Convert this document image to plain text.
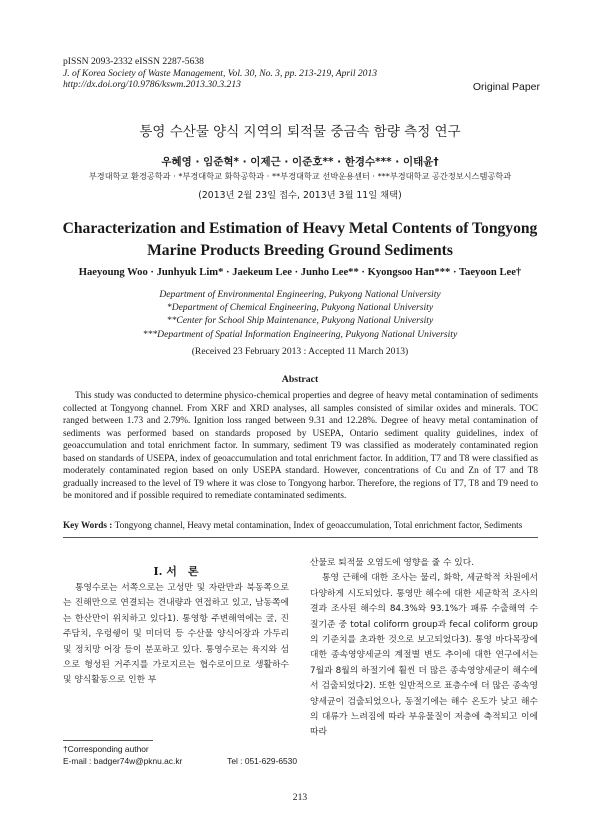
pISSN 2093-2332 eISSN 2287-5638
J. of Korea Society of Waste Management, Vol. 30, No. 3, pp. 213-219, April 2013
http://dx.doi.org/10.9786/kswm.2013.30.3.213	Original Paper
통영 수산물 양식 지역의 퇴적물 중금속 함량 측정 연구
우혜영 · 임준혁* · 이제근 · 이준호** · 한경수*** · 이태윤†
부경대학교 환경공학과 · *부경대학교 화학공학과 · **부경대학교 선박운용센터 · ***부경대학교 공간정보시스템공학과
(2013년 2월 23일 접수, 2013년 3월 11일 채택)
Characterization and Estimation of Heavy Metal Contents of Tongyong Marine Products Breeding Ground Sediments
Haeyoung Woo · Junhyuk Lim* · Jaekeum Lee · Junho Lee** · Kyongsoo Han*** · Taeyoon Lee†
Department of Environmental Engineering, Pukyong National University
*Department of Chemical Engineering, Pukyong National University
**Center for School Ship Maintenance, Pukyong National University
***Department of Spatial Information Engineering, Pukyong National University
(Received 23 February 2013 : Accepted 11 March 2013)
Abstract
This study was conducted to determine physico-chemical properties and degree of heavy metal contamination of sediments collected at Tongyong channel. From XRF and XRD analyses, all samples consisted of similar oxides and minerals. TOC ranged between 1.73 and 2.79%. Ignition loss ranged between 9.31 and 12.28%. Degree of heavy metal contamination of sediments was performed based on standards proposed by USEPA, Ontario sediment quality guidelines, index of geoaccumulation and total enrichment factor. In summary, sediment T9 was classified as moderately contaminated region based on standards of USEPA, index of geoaccumulation and total enrichment factor. In addition, T7 and T8 were classified as moderately contaminated region based on only USEPA standard. However, concentrations of Cu and Zn of T7 and T8 gradually increased to the level of T9 where it was close to Tongyong harbor. Therefore, the regions of T7, T8 and T9 need to be monitored and if possible required to remediate contaminated sediments.
Key Words : Tongyong channel, Heavy metal contamination, Index of geoaccumulation, Total enrichment factor, Sediments
I. 서　론
통영수로는 서쪽으로는 고성만 및 자란만과 북동쪽으로는 진해만으로 연결되는 견내량과 연접하고 있고, 남동쪽에는 한산만이 위치하고 있다1). 통영항 주변해역에는 굴, 진주담치, 우렁쉥이 및 미더덕 등 수산물 양식어장과 가두리 및 정치망 어장 등이 분포하고 있다. 통영수로는 육지와 섬으로 형성된 거주지를 가로지르는 협수로이므로 생활하수 및 양식활동으로 인한 부
산물로 퇴적물 오염도에 영향을 줄 수 있다.
통영 근해에 대한 조사는 물리, 화학, 세균학적 차원에서 다양하게 시도되었다. 통영만 해수에 대한 세균학적 조사의 결과 조사된 해수의 84.3%와 93.1%가 패류 수출해역 수질기준 중 total coliform group과 fecal coliform group의 기준치를 초과한 것으로 보고되었다3). 통영 바다목장에 대한 종속영양세균의 계절별 변도 추이에 대한 연구에서는 7월과 8월의 하절기에 훨씬 더 많은 종속영양세균이 해수에서 검출되었다2). 또한 일반적으로 표층수에 더 많은 종속영양세균이 검출되었으나, 동절기에는 해수 온도가 낮고 해수의 대류가 느려짐에 따라 부유물질이 저층에 축적되고 이에 따라
†Corresponding author
E-mail : badger74w@pknu.ac.kr	Tel : 051-629-6530
213
